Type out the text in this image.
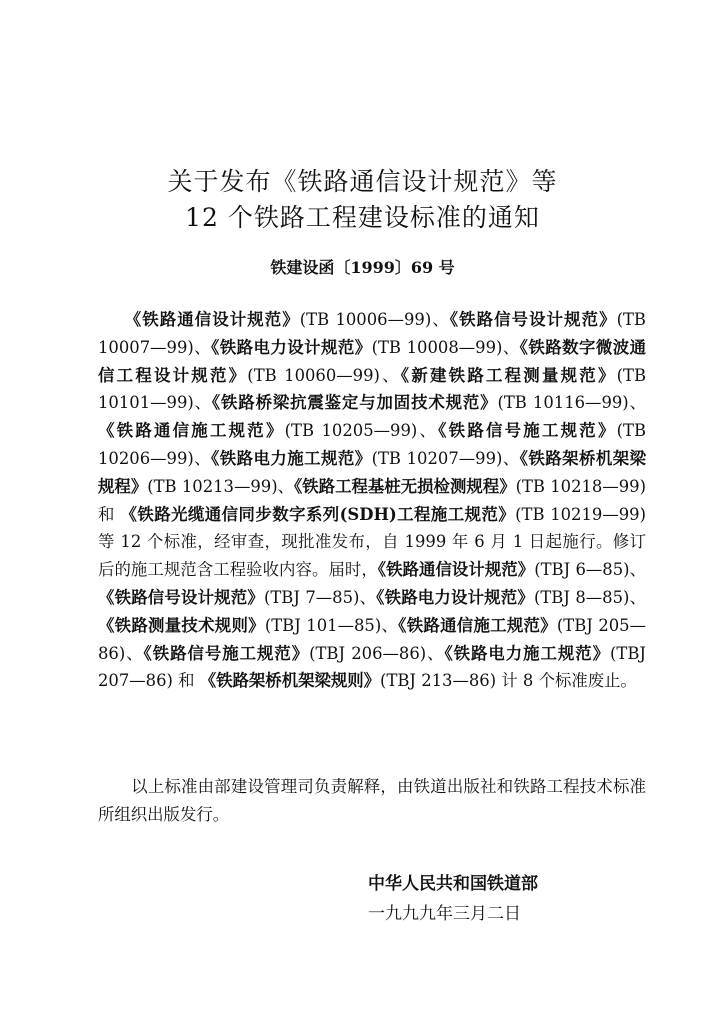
关于发布《铁路通信设计规范》等
12 个铁路工程建设标准的通知
铁建设函〔1999〕69 号
　　《铁路通信设计规范》(TB 10006—99)、《铁路信号设计规范》(TB 10007—99)、《铁路电力设计规范》(TB 10008—99)、《铁路数字微波通信工程设计规范》(TB 10060—99)、《新建铁路工程测量规范》(TB 10101—99)、《铁路桥梁抗震鉴定与加固技术规范》(TB 10116—99)、《铁路通信施工规范》(TB 10205—99)、《铁路信号施工规范》(TB 10206—99)、《铁路电力施工规范》(TB 10207—99)、《铁路架桥机架梁规程》(TB 10213—99)、《铁路工程基桩无损检测规程》(TB 10218—99) 和 《铁路光缆通信同步数字系列(SDH)工程施工规范》(TB 10219—99) 等 12 个标准，经审查，现批准发布，自 1999 年 6 月 1 日起施行。修订后的施工规范含工程验收内容。届时，《铁路通信设计规范》(TBJ 6—85)、《铁路信号设计规范》(TBJ 7—85)、《铁路电力设计规范》(TBJ 8—85)、《铁路测量技术规则》(TBJ 101—85)、《铁路通信施工规范》(TBJ 205—86)、《铁路信号施工规范》(TBJ 206—86)、《铁路电力施工规范》(TBJ 207—86) 和 《铁路架桥机架梁规则》(TBJ 213—86) 计 8 个标准废止。
　　以上标准由部建设管理司负责解释，由铁道出版社和铁路工程技术标准所组织出版发行。
中华人民共和国铁道部
一九九九年三月二日
